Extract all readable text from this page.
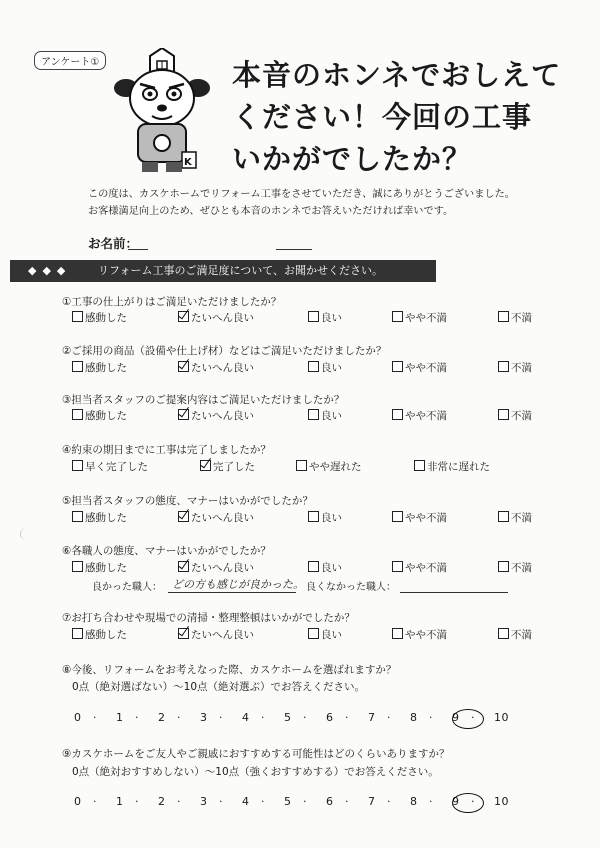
アンケート①
K
本音のホンネでおしえて
ください！今回の工事
いかがでしたか？
この度は、カスケホームでリフォーム工事をさせていただき、誠にありがとうございました。
お客様満足向上のため、ぜひとも本音のホンネでお答えいただければ幸いです。
お名前：
◆◆◆ リフォーム工事のご満足度について、お聞かせください。
①工事の仕上がりはご満足いただけましたか？
感動した	たいへん良い	良い	やや不満	不満
②ご採用の商品（設備や仕上げ材）などはご満足いただけましたか？
感動した	たいへん良い	良い	やや不満	不満
③担当者スタッフのご提案内容はご満足いただけましたか？
感動した	たいへん良い	良い	やや不満	不満
④約束の期日までに工事は完了しましたか？
早く完了した	完了した	やや遅れた	非常に遅れた
⑤担当者スタッフの態度、マナーはいかがでしたか？
感動した	たいへん良い	良い	やや不満	不満
⑥各職人の態度、マナーはいかがでしたか？
感動した	たいへん良い	良い	やや不満	不満
良かった職人： どの方も感じが良かった。 良くなかった職人：
⑦お打ち合わせや現場での清掃・整理整頓はいかがでしたか？
感動した	たいへん良い	良い	やや不満	不満
⑧今後、リフォームをお考えなった際、カスケホームを選ばれますか？
0点（絶対選ばない）～10点（絶対選ぶ）でお答えください。
0 · 1 · 2 · 3 · 4 · 5 · 6 · 7 · 8 · 9 · 10
⑨カスケホームをご友人やご親戚におすすめする可能性はどのくらいありますか？
0点（絶対おすすめしない）～10点（強くおすすめする）でお答えください。
0 · 1 · 2 · 3 · 4 · 5 · 6 · 7 · 8 · 9 · 10
